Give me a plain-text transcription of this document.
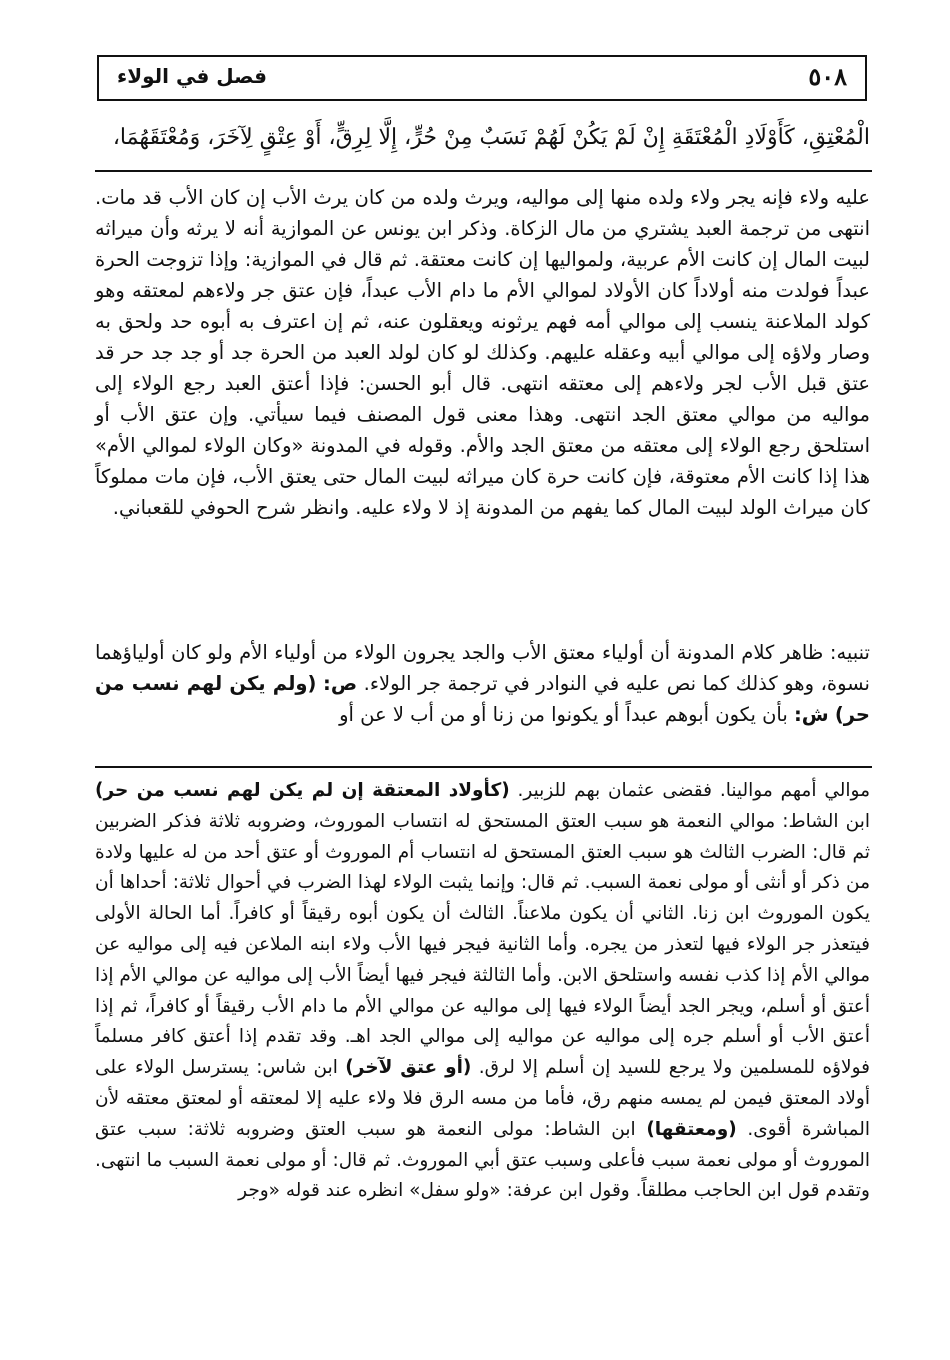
٥٠٨
فصل في الولاء

الْمُعْتِقِ، كَأَوْلَادِ الْمُعْتَقَةِ إِنْ لَمْ يَكُنْ لَهُمْ نَسَبٌ مِنْ حُرٍّ، إِلَّا لِرِقٍّ، أَوْ عِتْقٍ لِآخَرَ، وَمُعْتَقَهُمَا،

عليه ولاء فإنه يجر ولاء ولده منها إلى مواليه، ويرث ولده من كان يرث الأب إن كان الأب قد مات. انتهى من ترجمة العبد يشتري من مال الزكاة. وذكر ابن يونس عن الموازية أنه لا يرثه وأن ميراثه لبيت المال إن كانت الأم عربية، ولمواليها إن كانت معتقة. ثم قال في الموازية: وإذا تزوجت الحرة عبداً فولدت منه أولاداً كان الأولاد لموالي الأم ما دام الأب عبداً، فإن عتق جر ولاءهم لمعتقه وهو كولد الملاعنة ينسب إلى موالي أمه فهم يرثونه ويعقلون عنه، ثم إن اعترف به أبوه حد ولحق به وصار ولاؤه إلى موالي أبيه وعقله عليهم. وكذلك لو كان لولد العبد من الحرة جد أو جد جد حر قد عتق قبل الأب لجر ولاءهم إلى معتقه انتهى. قال أبو الحسن: فإذا أعتق العبد رجع الولاء إلى مواليه من موالي معتق الجد انتهى. وهذا معنى قول المصنف فيما سيأتي. وإن عتق الأب أو استلحق رجع الولاء إلى معتقه من معتق الجد والأم. وقوله في المدونة «وكان الولاء لموالي الأم» هذا إذا كانت الأم معتوقة، فإن كانت حرة كان ميراثه لبيت المال حتى يعتق الأب، فإن مات مملوكاً كان ميراث الولد لبيت المال كما يفهم من المدونة إذ لا ولاء عليه. وانظر شرح الحوفي للقعباني.

تنبيه: ظاهر كلام المدونة أن أولياء معتق الأب والجد يجرون الولاء من أولياء الأم ولو كان أولياؤهما نسوة، وهو كذلك كما نص عليه في النوادر في ترجمة جر الولاء. ص: (ولم يكن لهم نسب من حر) ش: بأن يكون أبوهم عبداً أو يكونوا من زنا أو من أب لا عن أو

موالي أمهم موالينا. فقضى عثمان بهم للزبير. (كأولاد المعتقة إن لم يكن لهم نسب من حر) ابن الشاط: موالي النعمة هو سبب العتق المستحق له انتساب الموروث، وضروبه ثلاثة فذكر الضربين ثم قال: الضرب الثالث هو سبب العتق المستحق له انتساب أم الموروث أو عتق أحد من له عليها ولادة من ذكر أو أنثى أو مولى نعمة السبب. ثم قال: وإنما يثبت الولاء لهذا الضرب في أحوال ثلاثة: أحداها أن يكون الموروث ابن زنا. الثاني أن يكون ملاعناً. الثالث أن يكون أبوه رقيقاً أو كافراً. أما الحالة الأولى فيتعذر جر الولاء فيها لتعذر من يجره. وأما الثانية فيجر فيها الأب ولاء ابنه الملاعن فيه إلى مواليه عن موالي الأم إذا كذب نفسه واستلحق الابن. وأما الثالثة فيجر فيها أيضاً الأب إلى مواليه عن موالي الأم إذا أعتق أو أسلم، ويجر الجد أيضاً الولاء فيها إلى مواليه عن موالي الأم ما دام الأب رقيقاً أو كافراً، ثم إذا أعتق الأب أو أسلم جره إلى مواليه عن مواليه إلى موالي الجد اهـ. وقد تقدم إذا أعتق كافر مسلماً فولاؤه للمسلمين ولا يرجع للسيد إن أسلم إلا لرق. (أو عتق لآخر) ابن شاس: يسترسل الولاء على أولاد المعتق فيمن لم يمسه منهم رق، فأما من مسه الرق فلا ولاء عليه إلا لمعتقه أو لمعتق معتقه لأن المباشرة أقوى. (ومعتقها) ابن الشاط: مولى النعمة هو سبب العتق وضروبه ثلاثة: سبب عتق الموروث أو مولى نعمة سبب فأعلى وسبب عتق أبي الموروث. ثم قال: أو مولى نعمة السبب ما انتهى. وتقدم قول ابن الحاجب مطلقاً. وقول ابن عرفة: «ولو سفل» انظره عند قوله «وجر
